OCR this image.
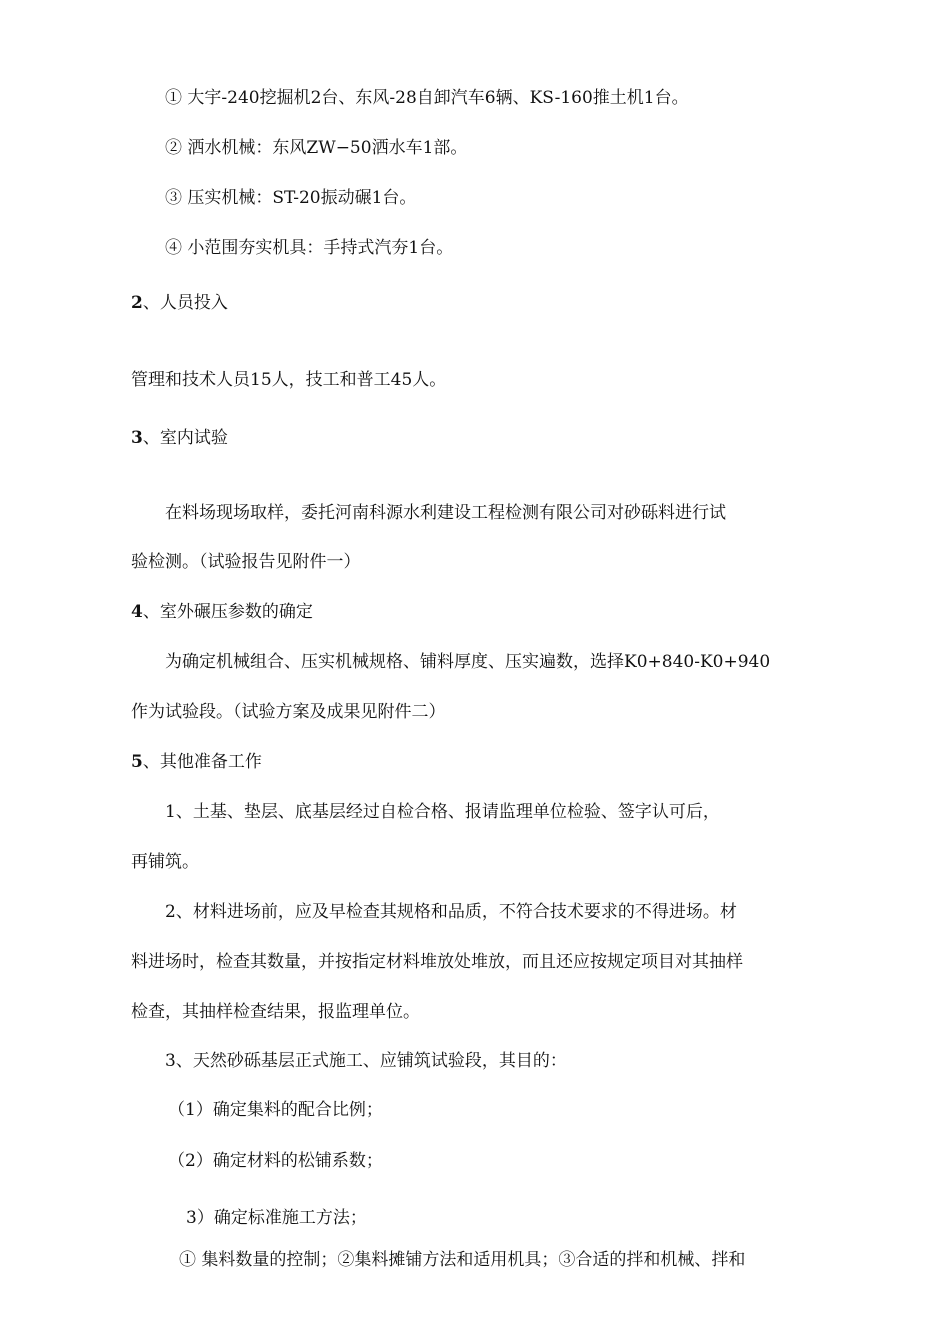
① 大宇-240挖掘机2台、东风-28自卸汽车6辆、KS-160推土机1台。
② 洒水机械：东风ZW−50洒水车1部。
③ 压实机械：ST-20振动碾1台。
④ 小范围夯实机具：手持式汽夯1台。
2、人员投入
管理和技术人员15人，技工和普工45人。
3、室内试验
在料场现场取样，委托河南科源水利建设工程检测有限公司对砂砾料进行试
验检测。（试验报告见附件一）
4、室外碾压参数的确定
为确定机械组合、压实机械规格、铺料厚度、压实遍数，选择K0+840-K0+940
作为试验段。（试验方案及成果见附件二）
5、其他准备工作
1、土基、垫层、底基层经过自检合格、报请监理单位检验、签字认可后，
再铺筑。
2、材料进场前，应及早检查其规格和品质，不符合技术要求的不得进场。材
料进场时，检查其数量，并按指定材料堆放处堆放，而且还应按规定项目对其抽样
检查，其抽样检查结果，报监理单位。
3、天然砂砾基层正式施工、应铺筑试验段，其目的：
（1）确定集料的配合比例；
（2）确定材料的松铺系数；
3）确定标准施工方法；
① 集料数量的控制；②集料摊铺方法和适用机具；③合适的拌和机械、拌和
